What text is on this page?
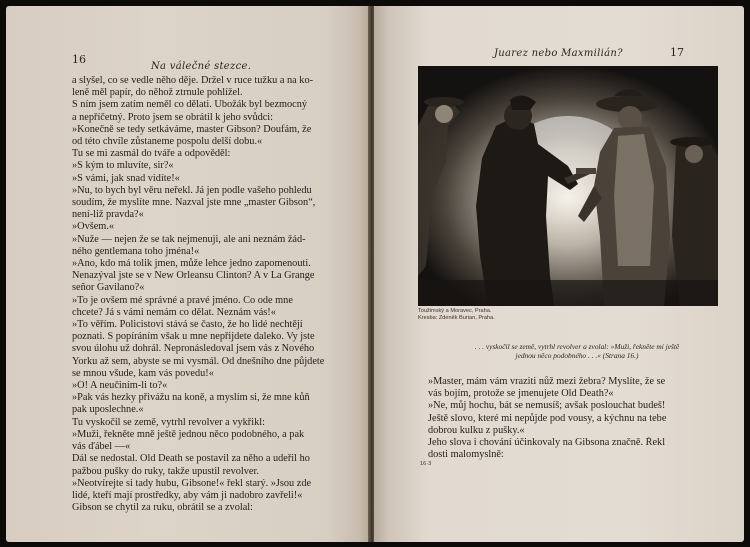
16
Na válečné stezce.
a slyšel, co se vedle něho děje. Držel v ruce tužku a na ko-
leně měl papír, do něhož ztrnule pohlížel.
S ním jsem zatím neměl co dělati. Ubožák byl bezmocný
a nepříčetný. Proto jsem se obrátil k jeho svůdci:
»Konečně se tedy setkáváme, master Gibson? Doufám, že
od této chvíle zůstaneme pospolu delší dobu.«
Tu se mi zasmál do tváře a odpověděl:
»S kým to mluvíte, sir?«
»S vámi, jak snad vidíte!«
»Nu, to bych byl věru neřekl. Já jen podle vašeho pohledu
soudím, že myslíte mne. Nazval jste mne „master Gibson“,
není-liž pravda?«
»Ovšem.«
»Nuže — nejen že se tak nejmenuji, ale ani neznám žád-
ného gentlemana toho jména!«
»Ano, kdo má tolik jmen, může lehce jedno zapomenouti.
Nenazýval jste se v New Orleansu Clinton? A v La Grange
señor Gavilano?«
»To je ovšem mé správné a pravé jméno. Co ode mne
chcete? Já s vámi nemám co dělat. Neznám vás!«
»To věřím. Policistovi stává se často, že ho lidé nechtějí
poznati. S popíráním však u mne nepřijdete daleko. Vy jste
svou úlohu už dohrál. Nepronásledoval jsem vás z Nového
Yorku až sem, abyste se mi vysmál. Od dnešního dne půjdete
se mnou všude, kam vás povedu!«
»Ó! A neučiním-li to?«
»Pak vás hezky přivážu na koně, a myslím si, že mne kůň
pak uposlechne.«
Tu vyskočil se země, vytrhl revolver a vykřikl:
»Muži, řekněte mně ještě jednou něco podobného, a pak
vás ďábel —«
Dál se nedostal. Old Death se postavil za něho a udeřil ho
pažbou pušky do ruky, takže upustil revolver.
»Neotvírejte si tady hubu, Gibsone!« řekl starý. »Jsou zde
lidé, kteří mají prostředky, aby vám ji nadobro zavřeli!«
Gibson se chytil za ruku, obrátil se a zvolal:
Juarez nebo Maxmilián?	17
Toužimský a Moravec, Praha.
Kresba: Zdeněk Burian, Praha.
. . . vyskočil se země, vytrhl revolver a zvolal: »Muži, řekněte mi ještě
jednou něco podobného . . .« (Strana 16.)
»Master, mám vám vraziti nůž mezi žebra? Myslíte, že se
vás bojím, protože se jmenujete Old Death?«
»Ne, můj hochu, bát se nemusíš; avšak poslouchat budeš!
Ještě slovo, které mi nepůjde pod vousy, a kýchnu na tebe
dobrou kulku z pušky.«
Jeho slova i chování účinkovaly na Gibsona značně. Řekl
dosti malomyslně:
16·3
